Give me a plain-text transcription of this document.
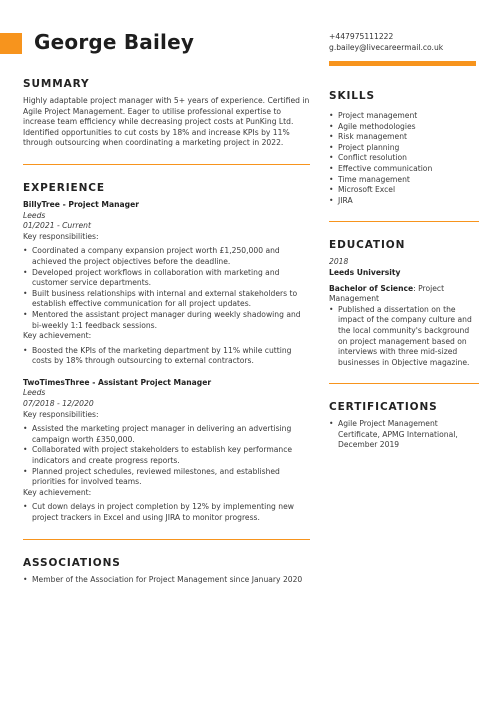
George Bailey	+447975111222
g.bailey@livecareermail.co.uk
SUMMARY

Highly adaptable project manager with 5+ years of experience. Certified in Agile Project Management. Eager to utilise professional expertise to increase team efficiency while decreasing project costs at PunKing Ltd. Identified opportunities to cut costs by 18% and increase KPIs by 11% through outsourcing when coordinating a marketing project in 2022.

EXPERIENCE
BillyTree - Project Manager
Leeds
01/2021 - Current
Key responsibilities:
• Coordinated a company expansion project worth £1,250,000 and achieved the project objectives before the deadline.
• Developed project workflows in collaboration with marketing and customer service departments.
• Built business relationships with internal and external stakeholders to establish effective communication for all project updates.
• Mentored the assistant project manager during weekly shadowing and bi-weekly 1:1 feedback sessions.
Key achievement:
• Boosted the KPIs of the marketing department by 11% while cutting costs by 18% through outsourcing to external contractors.
TwoTimesThree - Assistant Project Manager
Leeds
07/2018 - 12/2020
Key responsibilities:
• Assisted the marketing project manager in delivering an advertising campaign worth £350,000.
• Collaborated with project stakeholders to establish key performance indicators and create progress reports.
• Planned project schedules, reviewed milestones, and established priorities for involved teams.
Key achievement:
• Cut down delays in project completion by 12% by implementing new project trackers in Excel and using JIRA to monitor progress.
ASSOCIATIONS
• Member of the Association for Project Management since January 2020
SKILLS
• Project management
• Agile methodologies
• Risk management
• Project planning
• Conflict resolution
• Effective communication
• Time management
• Microsoft Excel
• JIRA
EDUCATION
2018
Leeds University
Bachelor of Science: Project Management
• Published a dissertation on the impact of the company culture and the local community's background on project management based on interviews with three mid-sized businesses in Objective magazine.
CERTIFICATIONS
• Agile Project Management Certificate, APMG International, December 2019
